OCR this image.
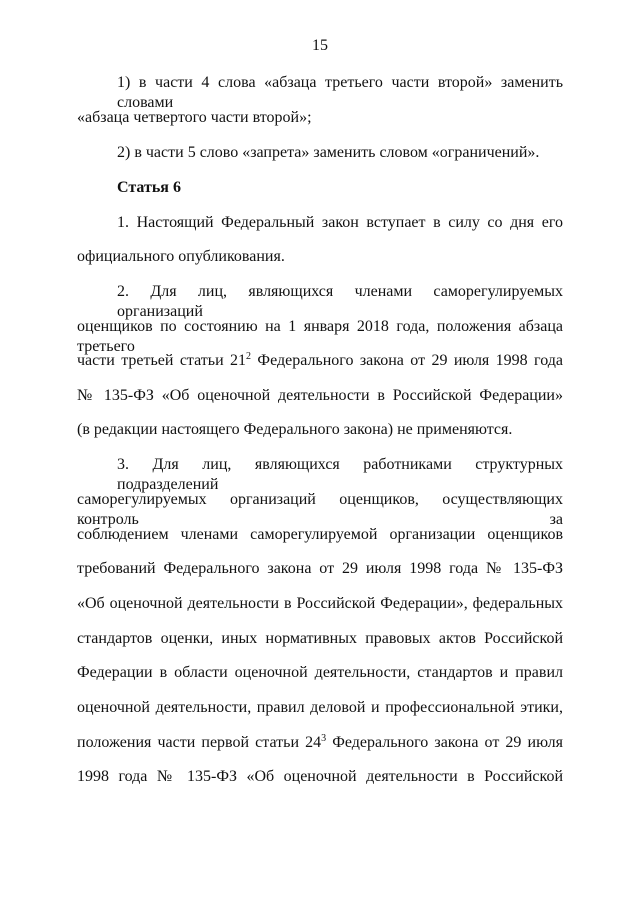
15
1) в части 4 слова «абзаца третьего части второй» заменить словами
«абзаца четвертого части второй»;
2) в части 5 слово «запрета» заменить словом «ограничений».
Статья 6
1. Настоящий Федеральный закон вступает в силу со дня его
официального опубликования.
2. Для лиц, являющихся членами саморегулируемых организаций
оценщиков по состоянию на 1 января 2018 года, положения абзаца третьего
части третьей статьи $21^2$ Федерального закона от 29 июля 1998 года
№ 135-ФЗ «Об оценочной деятельности в Российской Федерации»
(в редакции настоящего Федерального закона) не применяются.
3. Для лиц, являющихся работниками структурных подразделений
саморегулируемых организаций оценщиков, осуществляющих контроль за
соблюдением членами саморегулируемой организации оценщиков
требований Федерального закона от 29 июля 1998 года № 135-ФЗ
«Об оценочной деятельности в Российской Федерации», федеральных
стандартов оценки, иных нормативных правовых актов Российской
Федерации в области оценочной деятельности, стандартов и правил
оценочной деятельности, правил деловой и профессиональной этики,
положения части первой статьи $24^3$ Федерального закона от 29 июля
1998 года № 135-ФЗ «Об оценочной деятельности в Российской
